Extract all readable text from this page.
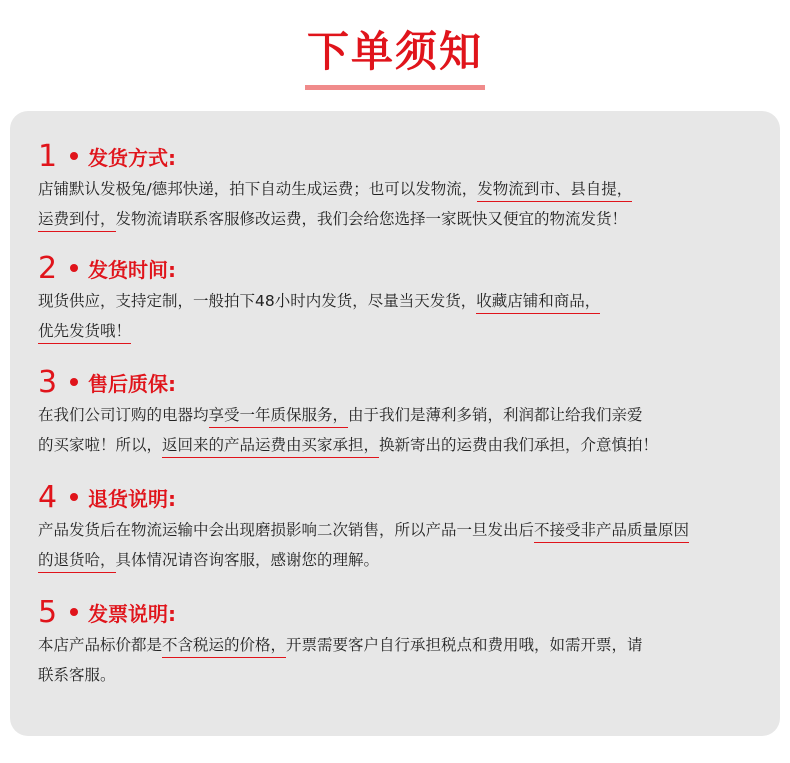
下单须知
1	发货方式:
店铺默认发极兔/德邦快递，拍下自动生成运费；也可以发物流，发物流到市、县自提，
运费到付，发物流请联系客服修改运费，我们会给您选择一家既快又便宜的物流发货！
2	发货时间:
现货供应，支持定制，一般拍下48小时内发货，尽量当天发货，收藏店铺和商品，
优先发货哦！
3	售后质保:
在我们公司订购的电器均享受一年质保服务，由于我们是薄利多销，利润都让给我们亲爱
的买家啦！所以，返回来的产品运费由买家承担，换新寄出的运费由我们承担，介意慎拍！
4	退货说明:
产品发货后在物流运输中会出现磨损影响二次销售，所以产品一旦发出后不接受非产品质量原因
的退货哈，具体情况请咨询客服，感谢您的理解。
5	发票说明:
本店产品标价都是不含税运的价格，开票需要客户自行承担税点和费用哦，如需开票，请
联系客服。
